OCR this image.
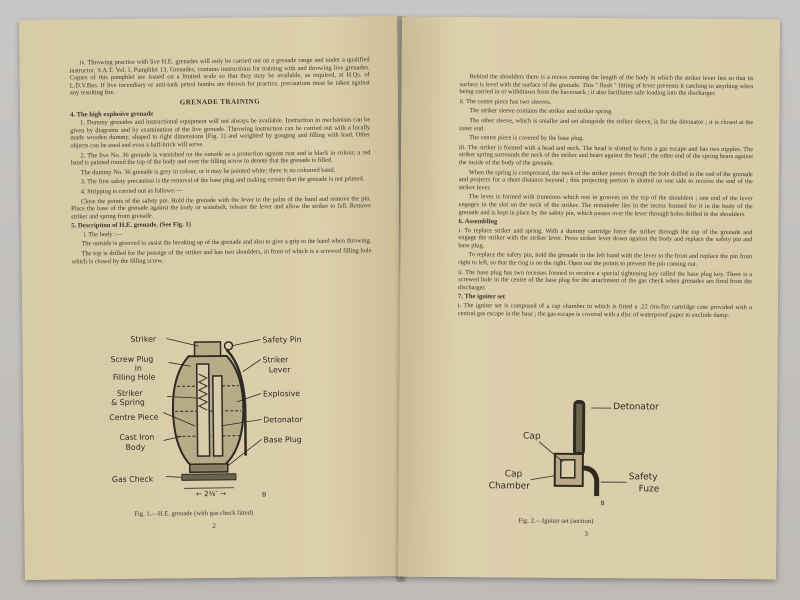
iv. Throwing practice with live H.E. grenades will only be carried out on a grenade range and under a qualified instructor. S.A.T. Vol. I, Pamphlet 13, Grenades, contains instructions for training with and throwing live grenades. Copies of this pamphlet are issued on a limited scale so that they may be available, as required, at H.Qs. of L.D.V.Bns. If live incendiary or anti-tank petrol bombs are thrown for practice, precautions must be taken against any resulting fire.

GRENADE TRAINING
4. The high explosive grenade

1. Dummy grenades and instructional equipment will not always be available. Instruction in mechanism can be given by diagrams and by examination of the live grenade. Throwing instruction can be carried out with a locally made wooden dummy, shaped to right dimensions (Fig. 1) and weighted by gouging and filling with lead. Other objects can be used and even a half-brick will serve.

2. The live No. 36 grenade is varnished on the outside as a protection against rust and is black in colour; a red band is painted round the top of the body and over the filling screw to denote that the grenade is filled.

The dummy No. 36 grenade is grey in colour, or it may be painted white; there is no coloured band.

3. The first safety precaution is the removal of the base plug and making certain that the grenade is not primed.

4. Stripping is carried out as follows:—

Close the points of the safety pin. Hold the grenade with the lever in the palm of the hand and remove the pin. Place the base of the grenade against the body or waistbelt, release the lever and allow the striker to fall. Remove striker and spring from grenade.

5. Description of H.E. grenade. (See Fig. 1)

i. The body :—

The outside is grooved to assist the breaking up of the grenade and also to give a grip to the hand when throwing.

The top is drilled for the passage of the striker and has two shoulders, in front of which is a screwed filling hole which is closed by the filling screw.

Striker
Screw Plug
in
Filling Hole
Striker
& Spring
Centre Piece
Cast Iron
Body
Gas Check
Safety Pin
Striker
Lever
Explosive
Detonator
Base Plug
← 2⅜″ →	B
Fig. 1.—H.E. grenade (with gas check fitted)
2

Behind the shoulders there is a recess running the length of the body in which the striker lever lies so that its surface is level with the surface of the grenade. This " flush " fitting of lever prevents it catching in anything when being carried in or withdrawn from the haversack ; it also facilitates safe loading into the discharger.

ii. The centre piece has two sleeves.

The striker sleeve contains the striker and striker spring.

The other sleeve, which is smaller and set alongside the striker sleeve, is for the detonator ; it is closed at the inner end.

The centre piece is covered by the base plug.

iii. The striker is formed with a head and neck. The head is slotted to form a gas escape and has two nipples. The striker spring surrounds the neck of the striker and bears against the head ; the other end of the spring bears against the inside of the body of the grenade.

When the spring is compressed, the neck of the striker passes through the hole drilled in the end of the grenade and projects for a short distance beyond ; this projecting portion is slotted on one side to receive the end of the striker lever.

The lever is formed with trunnions which rest in grooves on the top of the shoulders ; one end of the lever engages in the slot on the neck of the striker. The remainder lies in the recess formed for it in the body of the grenade and is kept in place by the safety pin, which passes over the lever through holes drilled in the shoulders.

6. Assembling

i. To replace striker and spring. With a dummy cartridge force the striker through the top of the grenade and engage the striker with the striker lever. Press striker lever down against the body and replace the safety pin and base plug.

To replace the safety pin, hold the grenade in the left hand with the lever to the front and replace the pin from right to left, so that the ring is on the right. Open out the points to prevent the pin coming out.

ii. The base plug has two recesses formed to receive a special tightening key called the base plug key. There is a screwed hole in the centre of the base plug for the attachment of the gas check when grenades are fired from the discharger.

7. The igniter set

i. The igniter set is composed of a cap chamber in which is fitted a .22 rim-fire cartridge case provided with a central gas escape in the base ; the gas escape is covered with a disc of waterproof paper to exclude damp.

Detonator
Cap
Cap
Chamber
Safety
Fuze
B
Fig. 2.—Igniter set (section)
3
